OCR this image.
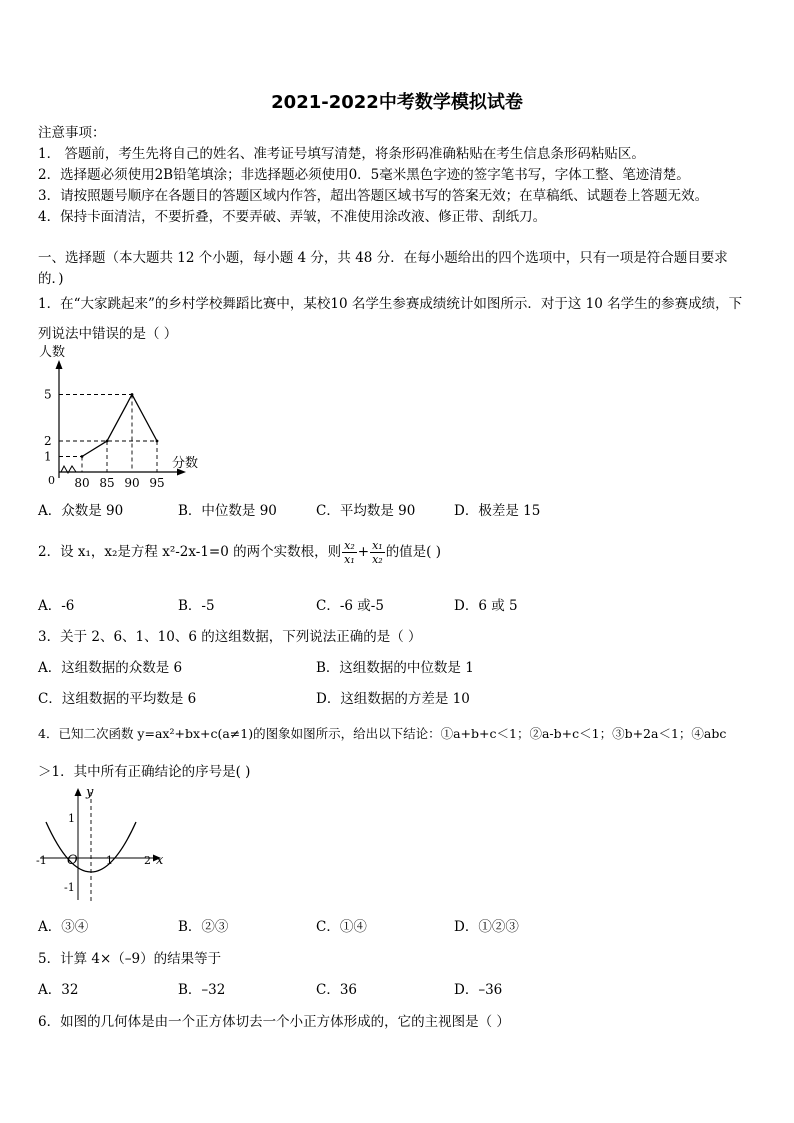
2021-2022中考数学模拟试卷
注意事项：
1． 答题前，考生先将自己的姓名、准考证号填写清楚，将条形码准确粘贴在考生信息条形码粘贴区。
2．选择题必须使用2B铅笔填涂；非选择题必须使用0．5毫米黑色字迹的签字笔书写，字体工整、笔迹清楚。
3．请按照题号顺序在各题目的答题区域内作答，超出答题区域书写的答案无效；在草稿纸、试题卷上答题无效。
4．保持卡面清洁，不要折叠，不要弄破、弄皱，不准使用涂改液、修正带、刮纸刀。
一、选择题（本大题共 12 个小题，每小题 4 分，共 48 分．在每小题给出的四个选项中，只有一项是符合题目要求
的．)
1．在“大家跳起来”的乡村学校舞蹈比赛中，某校10 名学生参赛成绩统计如图所示．对于这 10 名学生的参赛成绩，下
列说法中错误的是（ ）
人数
分数
0
1
2
5
80 85 90 95
A．众数是 90	B．中位数是 90	C．平均数是 90	D．极差是 15
2．设 x₁，x₂是方程 x²-2x-1=0 的两个实数根，则 $\frac{\text{x₂}}{\text{x₁}} + \frac{\text{x₁}}{\text{x₂}}$ 的值是( )
A．-6	B．-5	C．-6 或-5	D．6 或 5
3．关于 2、6、1、10、6 的这组数据，下列说法正确的是（ ）
A．这组数据的众数是 6	B．这组数据的中位数是 1
C．这组数据的平均数是 6	D．这组数据的方差是 10
4．已知二次函数 y=ax²+bx+c(a≠1)的图象如图所示，给出以下结论：①a+b+c＜1；②a-b+c＜1；③b+2a＜1；④abc
＞1．其中所有正确结论的序号是( )
y
x
O
-1	1	2
1
-1
A．③④	B．②③	C．①④	D．①②③
5．计算 4×（–9）的结果等于
A．32	B．–32	C．36	D．–36
6．如图的几何体是由一个正方体切去一个小正方体形成的，它的主视图是（ ）
